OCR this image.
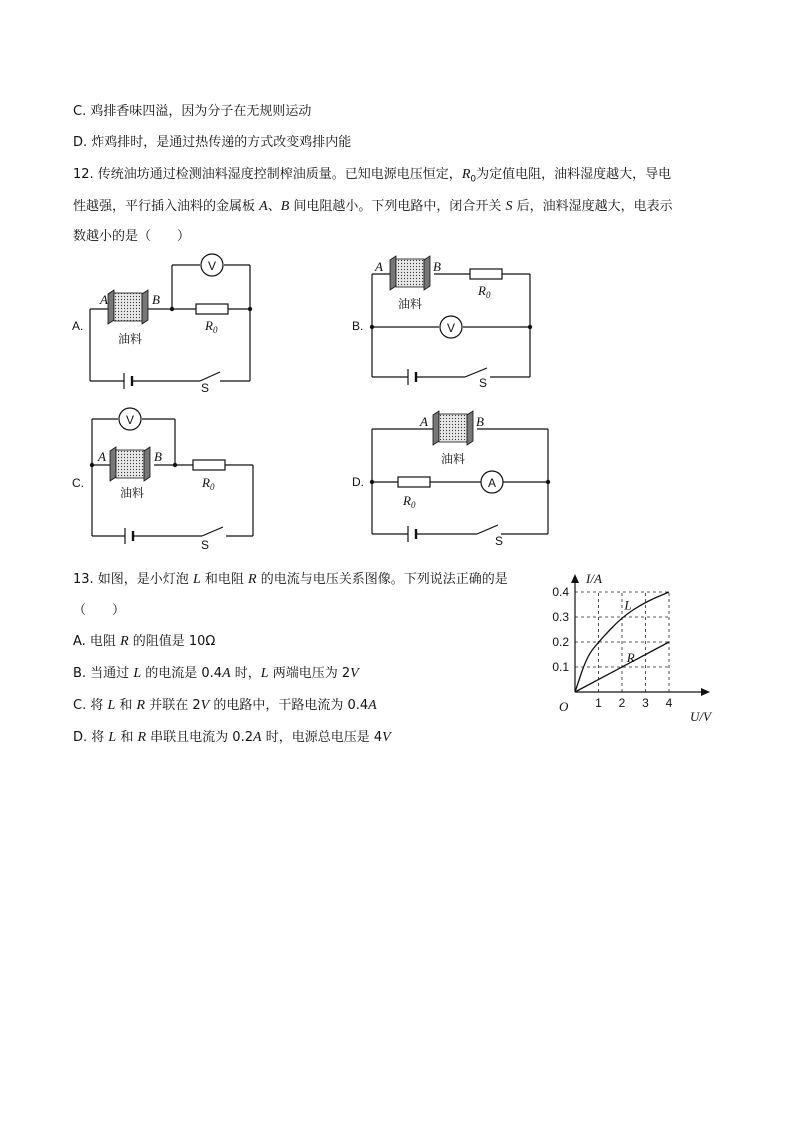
C. 鸡排香味四溢，因为分子在无规则运动
D. 炸鸡排时，是通过热传递的方式改变鸡排内能
12. 传统油坊通过检测油料湿度控制榨油质量。已知电源电压恒定，$R_0$为定值电阻，油料湿度越大，导电
性越强，平行插入油料的金属板 A、B 间电阻越小。下列电路中，闭合开关 S 后，油料湿度越大，电表示
数越小的是（　　）
V
A	B
油料
$R_0$
S
A.	V
A	B
油料
$R_0$
S
B.
V
A	B
油料
$R_0$
S
C.	A
A	B
油料
$R_0$
S
D.
13. 如图，是小灯泡 L 和电阻 R 的电流与电压关系图像。下列说法正确的是
（　　）
A. 电阻 R 的阻值是 10Ω
B. 当通过 L 的电流是 0.4A 时，L 两端电压为 2V
C. 将 L 和 R 并联在 2V 的电路中，干路电流为 0.4A
D. 将 L 和 R 串联且电流为 0.2A 时，电源总电压是 4V
1 2 3 4
0.1
0.2
0.3
0.4
L
R
I/A
U/V
O
